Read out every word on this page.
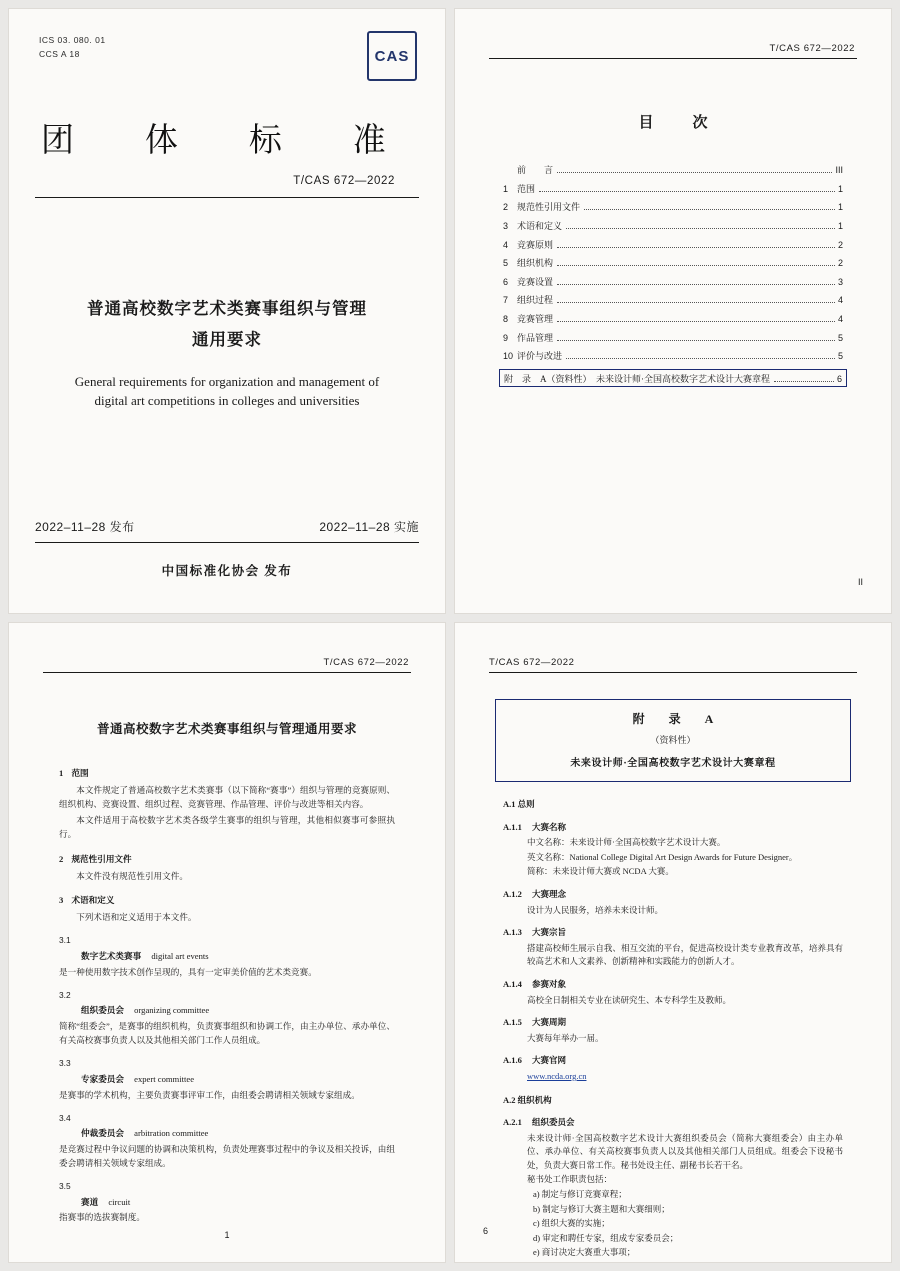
ICS 03. 080. 01
CCS A 18	CAS
团 体 标 准
T/CAS 672—2022
普通高校数字艺术类赛事组织与管理
通用要求
General requirements for organization and management of
digital art competitions in colleges and universities
2022–11–28 发布	2022–11–28 实施
中国标准化协会 发布
T/CAS 672—2022
目　次
前　　言	III
1 范围	1
2 规范性引用文件	1
3 术语和定义	1
4 竞赛原则	2
5 组织机构	2
6 竞赛设置	3
7 组织过程	4
8 竞赛管理	4
9 作品管理	5
10 评价与改进	5
附　录　A（资料性）　未来设计师·全国高校数字艺术设计大赛章程	6
II
T/CAS 672—2022
普通高校数字艺术类赛事组织与管理通用要求
1 范围

本文件规定了普通高校数字艺术类赛事（以下简称“赛事”）组织与管理的竞赛原则、组织机构、竞赛设置、组织过程、竞赛管理、作品管理、评价与改进等相关内容。

本文件适用于高校数字艺术类各级学生赛事的组织与管理，其他相似赛事可参照执行。

2 规范性引用文件

本文件没有规范性引用文件。

3 术语和定义

下列术语和定义适用于本文件。

3.1
数字艺术类赛事 digital art events

是一种使用数字技术创作呈现的，具有一定审美价值的艺术类竞赛。

3.2
组织委员会 organizing committee

简称“组委会”，是赛事的组织机构，负责赛事组织和协调工作，由主办单位、承办单位、有关高校赛事负责人以及其他相关部门工作人员组成。

3.3
专家委员会 expert committee

是赛事的学术机构，主要负责赛事评审工作，由组委会聘请相关领域专家组成。

3.4
仲裁委员会 arbitration committee

是竞赛过程中争议问题的协调和决策机构，负责处理赛事过程中的争议及相关投诉，由组委会聘请相关领域专家组成。

3.5
赛道 circuit

指赛事的选拔赛制度。

1
T/CAS 672—2022
附　录　A
（资料性）
未来设计师·全国高校数字艺术设计大赛章程
A.1 总则
A.1.1 大赛名称
中文名称：未来设计师·全国高校数字艺术设计大赛。
英文名称：National College Digital Art Design Awards for Future Designer。
简称：未来设计师大赛或 NCDA 大赛。
A.1.2 大赛理念
设计为人民服务，培养未来设计师。
A.1.3 大赛宗旨
搭建高校师生展示自我、相互交流的平台，促进高校设计类专业教育改革，培养具有较高艺术和人文素养、创新精神和实践能力的创新人才。
A.1.4 参赛对象
高校全日制相关专业在读研究生、本专科学生及教师。
A.1.5 大赛周期
大赛每年举办一届。
A.1.6 大赛官网
www.ncda.org.cn
A.2 组织机构
A.2.1 组织委员会
未来设计师·全国高校数字艺术设计大赛组织委员会（简称大赛组委会）由主办单位、承办单位、有关高校赛事负责人以及其他相关部门人员组成。组委会下设秘书处，负责大赛日常工作。秘书处设主任、副秘书长若干名。
秘书处工作职责包括：
a) 制定与修订竞赛章程；
b) 制定与修订大赛主题和大赛细则；
c) 组织大赛的实施；
d) 审定和聘任专家，组成专家委员会；
e) 商讨决定大赛重大事项；
6
